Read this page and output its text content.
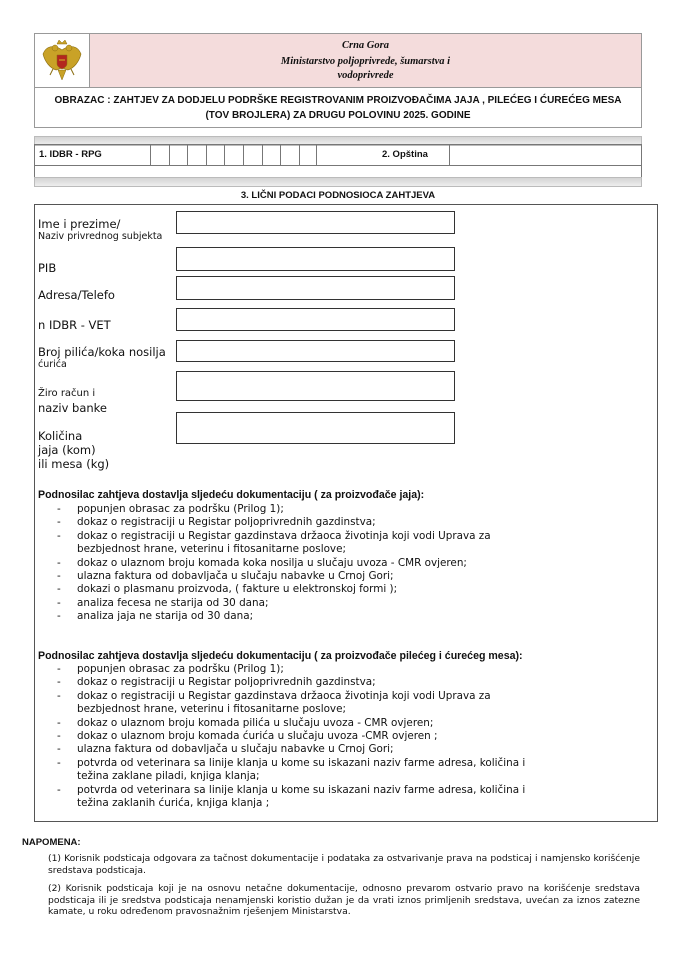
Crna Gora
Ministarstvo poljoprivrede, šumarstva i
vodoprivrede
OBRAZAC : ZAHTJEV ZA DODJELU PODRŠKE REGISTROVANIM PROIZVOĐAČIMA JAJA , PILEĆEG I ĆUREĆEG MESA
(TOV BROJLERA) ZA DRUGU POLOVINU 2025. GODINE
1. IDBR - RPG	2. Opština
3. LIČNI PODACI PODNOSIOCA ZAHTJEVA
Ime i prezime/
Naziv privrednog subjekta
PIB
Adresa/Telefo
n IDBR - VET
Broj pilića/koka nosilja
ćurića
Žiro račun i
naziv banke
Količina
jaja (kom)
ili mesa (kg)
Podnosilac zahtjeva dostavlja sljedeću dokumentaciju ( za proizvođače jaja):
- popunjen obrasac za podršku (Prilog 1);
- dokaz o registraciji u Registar poljoprivrednih gazdinstva;
- dokaz o registraciji u Registar gazdinstava držaoca životinja koji vodi Uprava za
bezbjednost hrane, veterinu i fitosanitarne poslove;
- dokaz o ulaznom broju komada koka nosilja u slučaju uvoza - CMR ovjeren;
- ulazna faktura od dobavljača u slučaju nabavke u Crnoj Gori;
- dokazi o plasmanu proizvoda, ( fakture u elektronskoj formi );
- analiza fecesa ne starija od 30 dana;
- analiza jaja ne starija od 30 dana;
Podnosilac zahtjeva dostavlja sljedeću dokumentaciju ( za proizvođače pilećeg i ćurećeg mesa):
- popunjen obrasac za podršku (Prilog 1);
- dokaz o registraciji u Registar poljoprivrednih gazdinstva;
- dokaz o registraciji u Registar gazdinstava držaoca životinja koji vodi Uprava za
bezbjednost hrane, veterinu i fitosanitarne poslove;
- dokaz o ulaznom broju komada pilića u slučaju uvoza - CMR ovjeren;
- dokaz o ulaznom broju komada ćurića u slučaju uvoza -CMR ovjeren ;
- ulazna faktura od dobavljača u slučaju nabavke u Crnoj Gori;
- potvrda od veterinara sa linije klanja u kome su iskazani naziv farme adresa, količina i
težina zaklane piladi, knjiga klanja;
- potvrda od veterinara sa linije klanja u kome su iskazani naziv farme adresa, količina i
težina zaklanih ćurića, knjiga klanja ;
NAPOMENA:
(1) Korisnik podsticaja odgovara za tačnost dokumentacije i podataka za ostvarivanje prava na podsticaj i namjensko korišćenje sredstava podsticaja.
(2) Korisnik podsticaja koji je na osnovu netačne dokumentacije, odnosno prevarom ostvario pravo na korišćenje sredstava podsticaja ili je sredstva podsticaja nenamjenski koristio dužan je da vrati iznos primljenih sredstava, uvećan za iznos zatezne kamate, u roku određenom pravosnažnim rješenjem Ministarstva.
